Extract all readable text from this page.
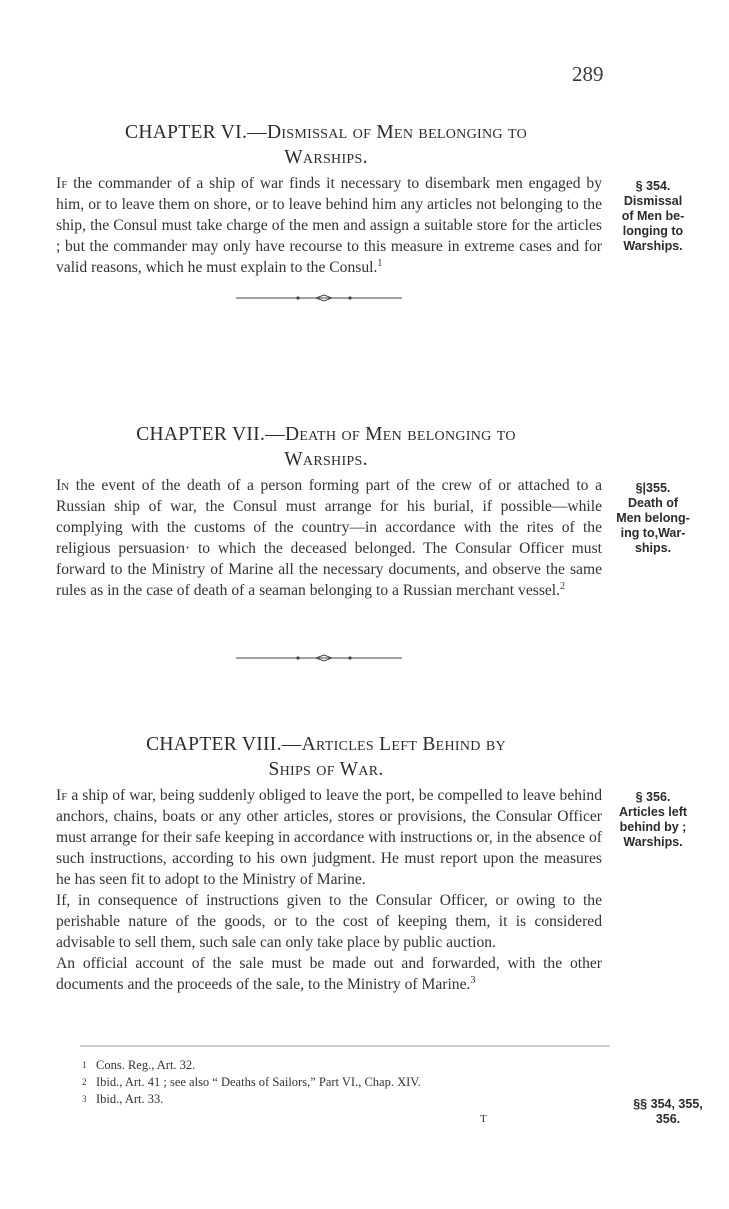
289
CHAPTER VI.—Dismissal of Men belonging to
Warships.

If the commander of a ship of war finds it necessary to disembark men engaged by him, or to leave them on shore, or to leave behind him any articles not belonging to the ship, the Consul must take charge of the men and assign a suitable store for the articles ; but the commander may only have recourse to this measure in extreme cases and for valid reasons, which he must explain to the Consul.$^1$

§ 354.
Dismissal
of Men be-
longing to
Warships.
CHAPTER VII.—Death of Men belonging to
Warships.

In the event of the death of a person forming part of the crew of or attached to a Russian ship of war, the Consul must arrange for his burial, if possible—while complying with the customs of the country—in accordance with the rites of the religious persuasion· to which the deceased belonged. The Consular Officer must forward to the Ministry of Marine all the necessary documents, and observe the same rules as in the case of death of a seaman belonging to a Russian merchant vessel.$^2$

§|355.
Death of
Men belong-
ing to,War-
ships.
CHAPTER VIII.—Articles Left Behind by
Ships of War.

If a ship of war, being suddenly obliged to leave the port, be compelled to leave behind anchors, chains, boats or any other articles, stores or provisions, the Consular Officer must arrange for their safe keeping in accordance with instructions or, in the absence of such instructions, according to his own judgment. He must report upon the measures he has seen fit to adopt to the Ministry of Marine.

If, in consequence of instructions given to the Consular Officer, or owing to the perishable nature of the goods, or to the cost of keeping them, it is considered advisable to sell them, such sale can only take place by public auction.

An official account of the sale must be made out and forwarded, with the other documents and the proceeds of the sale, to the Ministry of Marine.$^3$

§ 356.
Articles left
behind by ;
Warships.
1 Cons. Reg., Art. 32.
2 Ibid., Art. 41 ; see also “ Deaths of Sailors,” Part VI., Chap. XIV.
3 Ibid., Art. 33.
T
§§ 354, 355,
356.
